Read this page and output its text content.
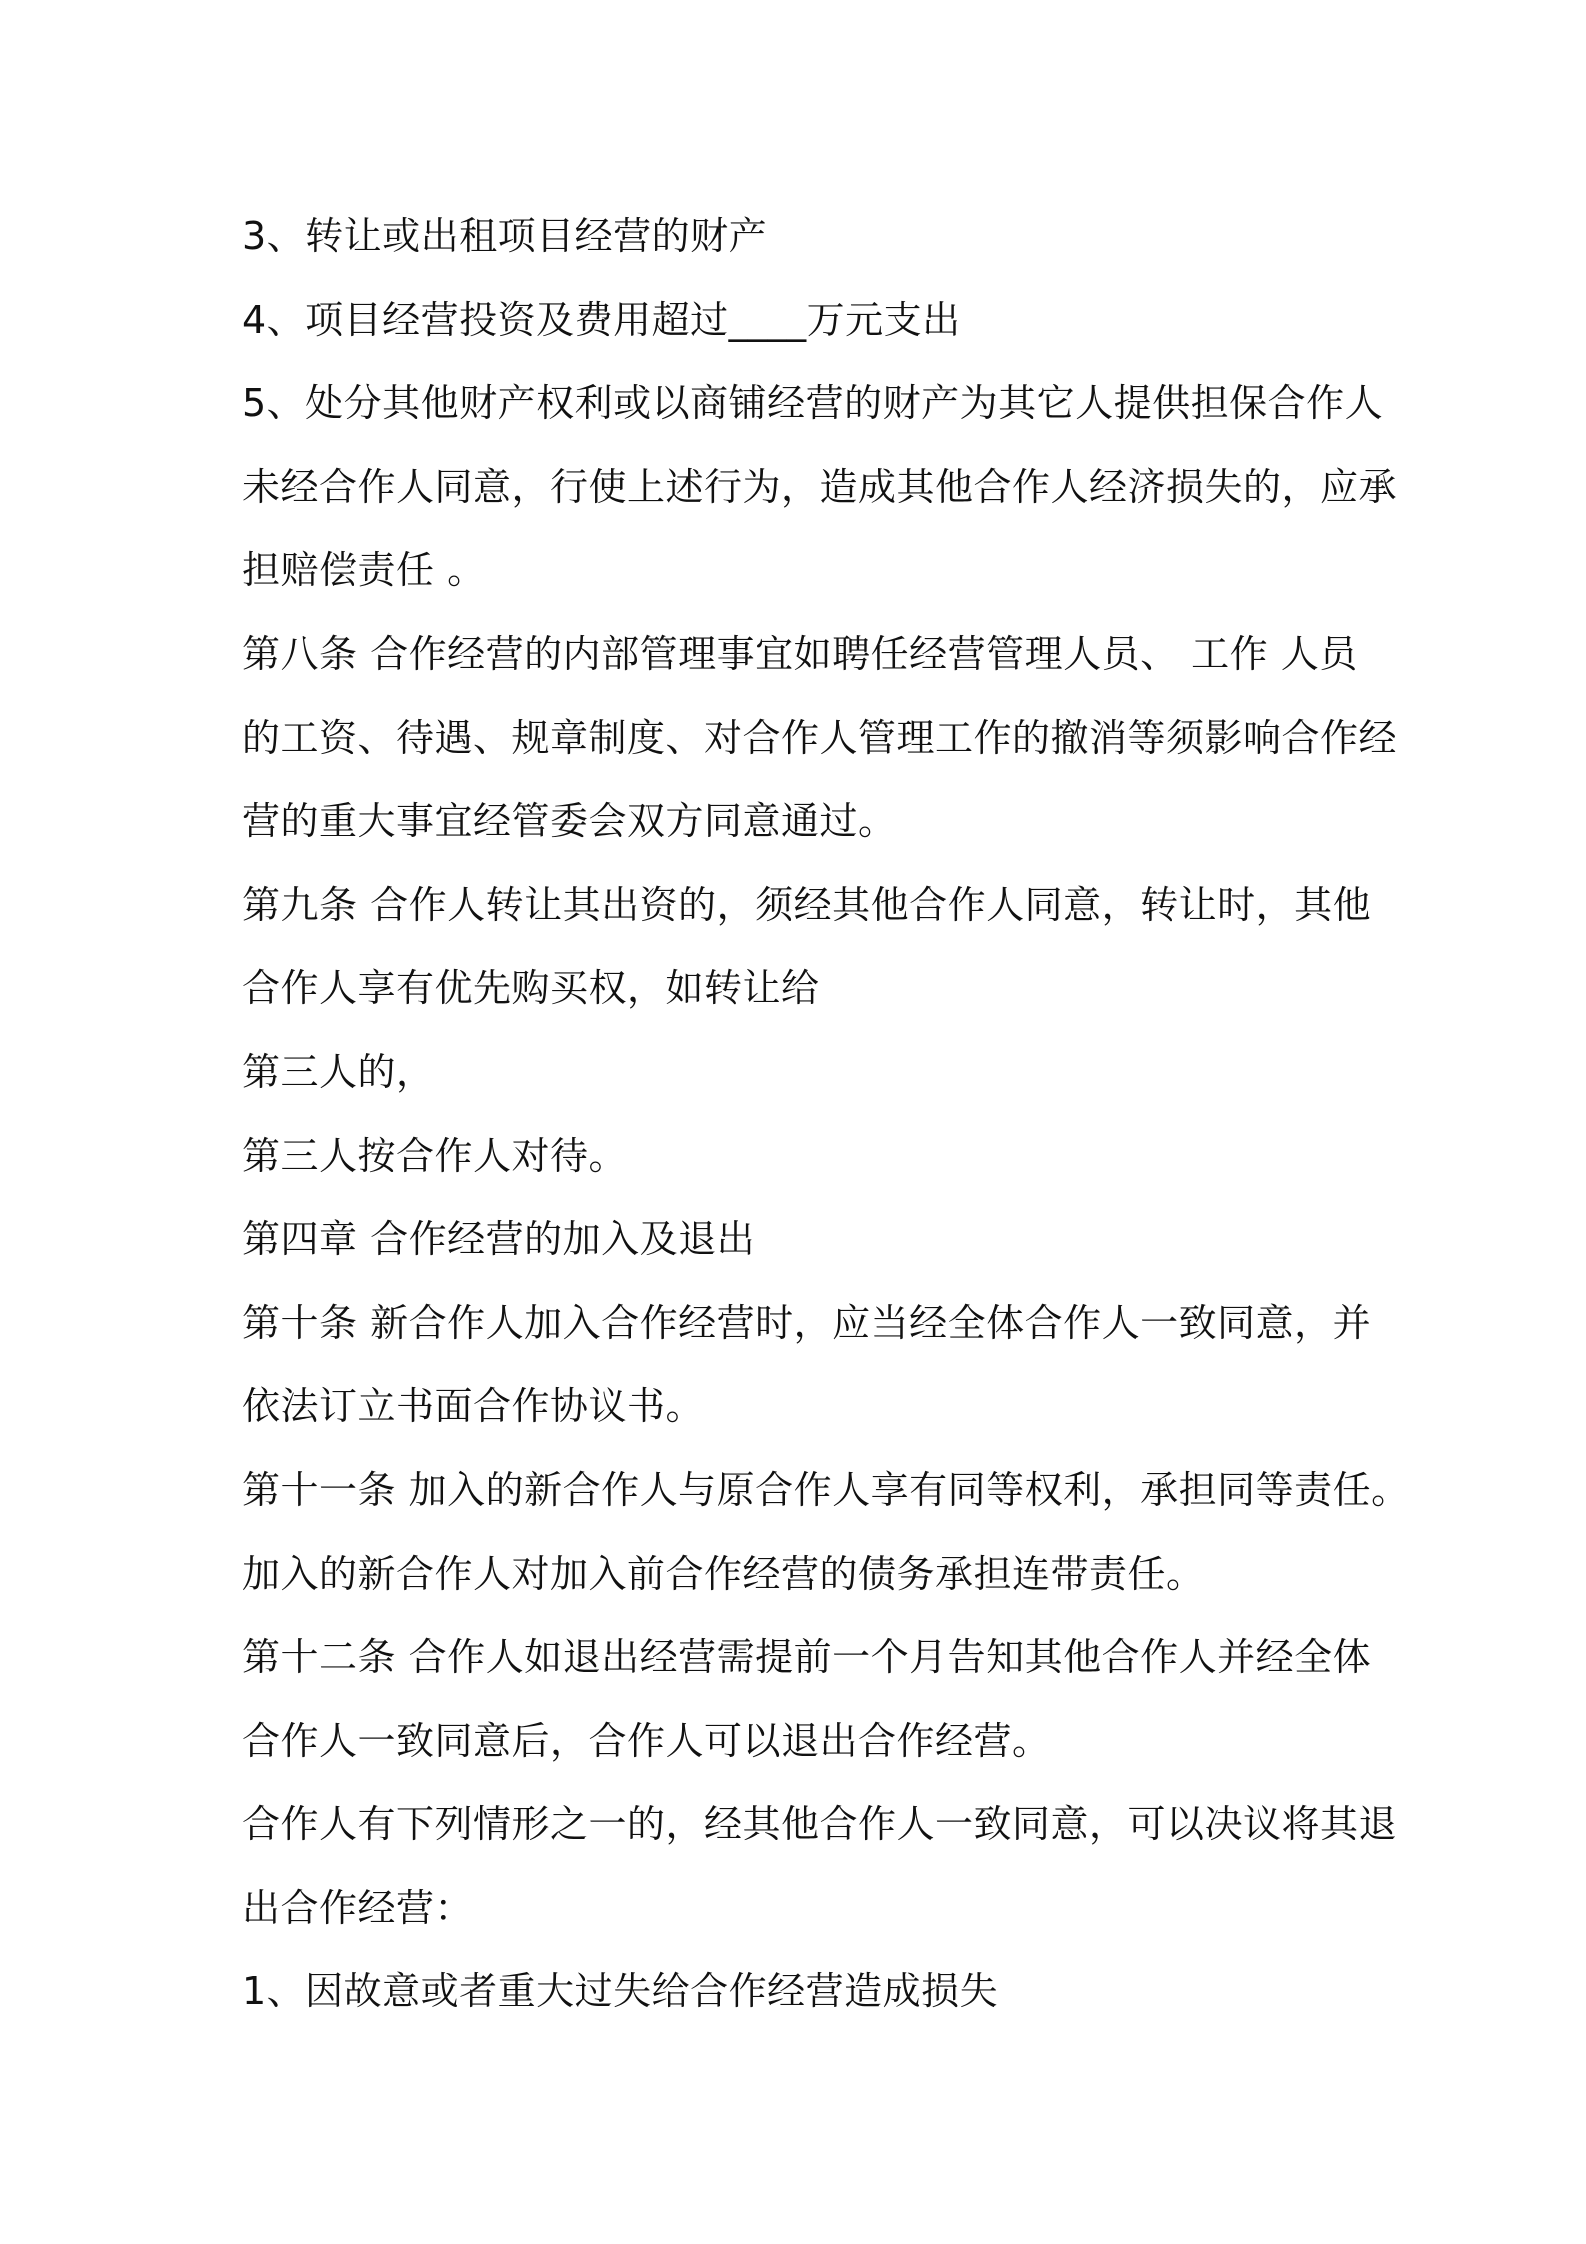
3、转让或出租项目经营的财产
4、项目经营投资及费用超过____万元支出
5、处分其他财产权利或以商铺经营的财产为其它人提供担保合作人
未经合作人同意，行使上述行为，造成其他合作人经济损失的，应承
担赔偿责任 。
第八条 合作经营的内部管理事宜如聘任经营管理人员、 工作 人员
的工资、待遇、规章制度、对合作人管理工作的撤消等须影响合作经
营的重大事宜经管委会双方同意通过。
第九条 合作人转让其出资的，须经其他合作人同意，转让时，其他
合作人享有优先购买权，如转让给
第三人的，
第三人按合作人对待。
第四章 合作经营的加入及退出
第十条 新合作人加入合作经营时，应当经全体合作人一致同意，并
依法订立书面合作协议书。
第十一条 加入的新合作人与原合作人享有同等权利，承担同等责任。
加入的新合作人对加入前合作经营的债务承担连带责任。
第十二条 合作人如退出经营需提前一个月告知其他合作人并经全体
合作人一致同意后，合作人可以退出合作经营。
合作人有下列情形之一的，经其他合作人一致同意，可以决议将其退
出合作经营：
1、因故意或者重大过失给合作经营造成损失
